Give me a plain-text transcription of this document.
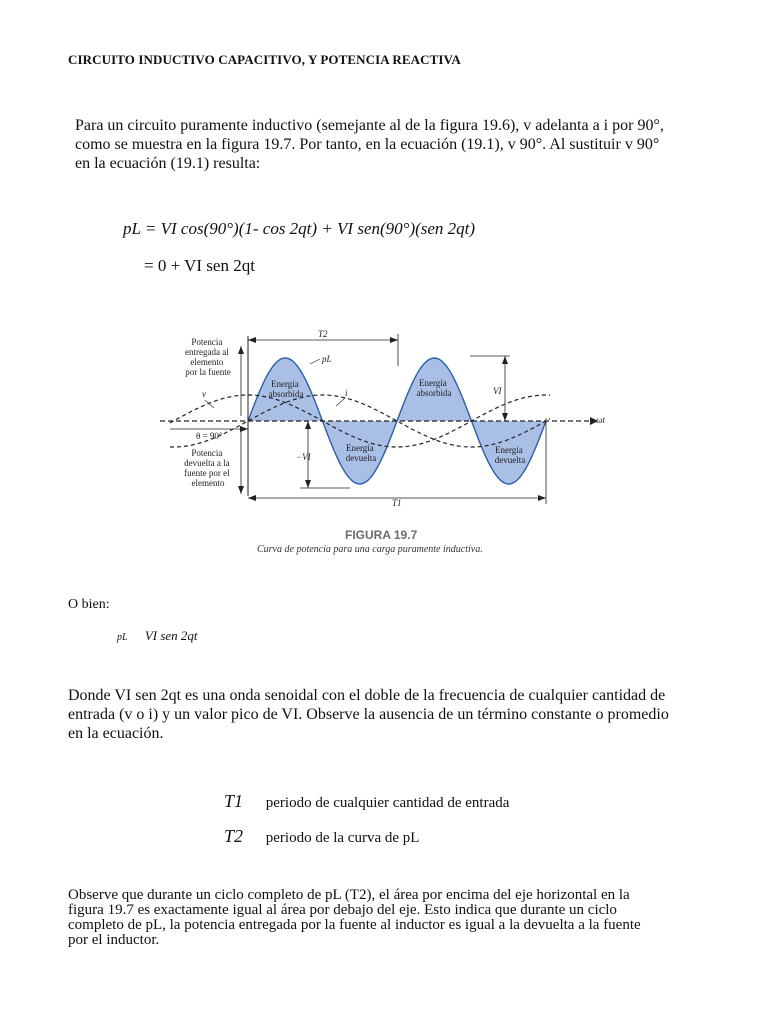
CIRCUITO INDUCTIVO CAPACITIVO, Y POTENCIA REACTIVA
Para un circuito puramente inductivo (semejante al de la figura 19.6), v adelanta a i por 90°,
como se muestra en la figura 19.7. Por tanto, en la ecuación (19.1), v 90°. Al sustituir v 90°
en la ecuación (19.1) resulta:
pL = VI cos(90°)(1- cos 2qt) + VI sen(90°)(sen 2qt)
= 0 + VI sen 2qt
Potencia entregada al elemento por la fuente
Potencia devuelta a la fuente por el elemento
Energía absorbida
Energía absorbida
Energía devuelta
Energía devuelta
v	i
pL
T2
T1
VI
−VI
θ = 90°
ωt
FIGURA 19.7
Curva de potencia para una carga puramente inductiva.
O bien:
pL VI sen 2qt
Donde VI sen 2qt es una onda senoidal con el doble de la frecuencia de cualquier cantidad de
entrada (v o i) y un valor pico de VI. Observe la ausencia de un término constante o promedio
en la ecuación.
T1 periodo de cualquier cantidad de entrada
T2 periodo de la curva de pL
Observe que durante un ciclo completo de pL (T2), el área por encima del eje horizontal en la
figura 19.7 es exactamente igual al área por debajo del eje. Esto indica que durante un ciclo
completo de pL, la potencia entregada por la fuente al inductor es igual a la devuelta a la fuente
por el inductor.
